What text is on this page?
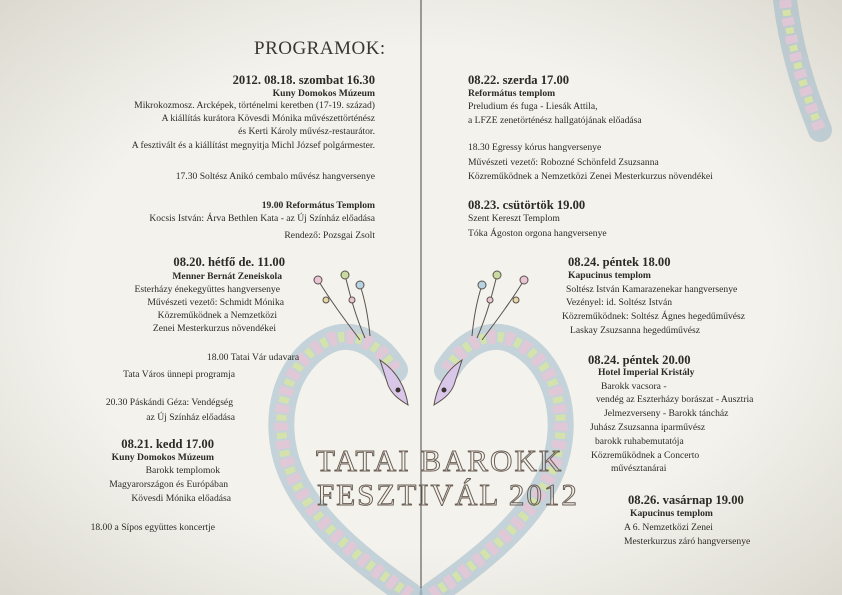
PROGRAMOK:
2012. 08.18. szombat 16.30
Kuny Domokos Múzeum
Mikrokozmosz. Arcképek, történelmi keretben (17-19. század)
A kiállítás kurátora Kövesdi Mónika művészettörténész
és Kerti Károly művész-restaurátor.
A fesztivált és a kiállítást megnyitja Michl József polgármester.
17.30 Soltész Anikó cembalo művész hangversenye
19.00 Református Templom
Kocsis István: Árva Bethlen Kata - az Új Színház előadása
Rendező: Pozsgai Zsolt
08.20. hétfő de. 11.00
Menner Bernát Zeneiskola
Esterházy énekegyüttes hangversenye
Művészeti vezető: Schmidt Mónika
Közreműködnek a Nemzetközi
Zenei Mesterkurzus növendékei
18.00 Tatai Vár udavara
Tata Város ünnepi programja
20.30 Páskándi Géza: Vendégség
az Új Színház előadása
08.21. kedd 17.00
Kuny Domokos Múzeum
Barokk templomok
Magyarországon és Európában
Kövesdi Mónika előadása
18.00 a Sípos együttes koncertje
08.22. szerda 17.00
Református templom
Preludium és fuga - Liesák Attila,
a LFZE zenetörténész hallgatójának előadása
18.30 Egressy kórus hangversenye
Művészeti vezető: Robozné Schönfeld Zsuzsanna
Közreműködnek a Nemzetközi Zenei Mesterkurzus növendékei
08.23. csütörtök 19.00
Szent Kereszt Templom
Tóka Ágoston orgona hangversenye
08.24. péntek 18.00
Kapucinus templom
Soltész István Kamarazenekar hangversenye
Vezényel: id. Soltész István
Közreműködnek: Soltész Ágnes hegedűművész
Laskay Zsuzsanna hegedűművész
08.24. péntek 20.00
Hotel Imperial Kristály
Barokk vacsora -
vendég az Eszterházy borászat - Ausztria
Jelmezverseny - Barokk táncház
Juhász Zsuzsanna iparművész
barokk ruhabemutatója
Közreműködnek a Concerto
művésztanárai
08.26. vasárnap 19.00
Kapucinus templom
A 6. Nemzetközi Zenei
Mesterkurzus záró hangversenye
TATAI BAROKK
FESZTIVÁL 2012
